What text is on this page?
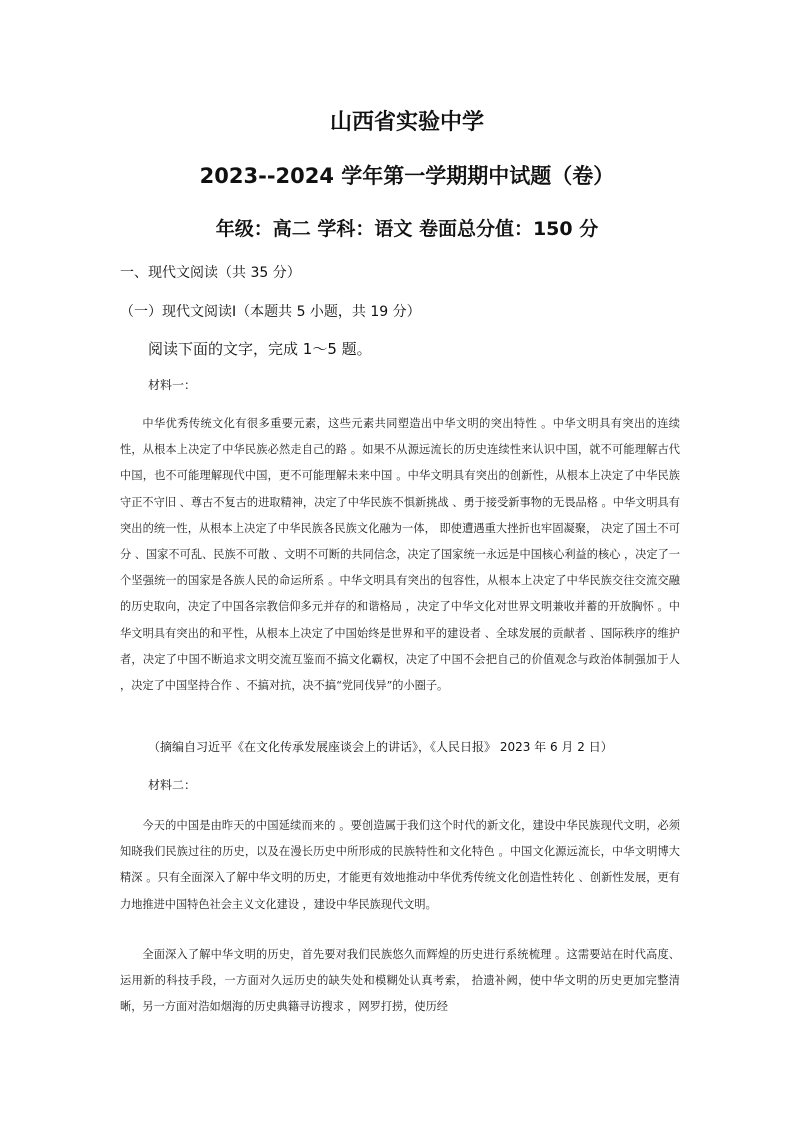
山西省实验中学
2023--2024 学年第一学期期中试题（卷）
年级：高二 学科：语文 卷面总分值：150 分
一、现代文阅读（共 35 分）
（一）现代文阅读Ⅰ（本题共 5 小题，共 19 分）
阅读下面的文字，完成 1～5 题。
材料一：

中华优秀传统文化有很多重要元素，这些元素共同塑造出中华文明的突出特性 。中华文明具有突出的连续性，从根本上决定了中华民族必然走自己的路 。如果不从源远流长的历史连续性来认识中国，就不可能理解古代中国，也不可能理解现代中国，更不可能理解未来中国 。中华文明具有突出的创新性，从根本上决定了中华民族守正不守旧 、尊古不复古的进取精神，决定了中华民族不惧新挑战 、勇于接受新事物的无畏品格 。中华文明具有突出的统一性，从根本上决定了中华民族各民族文化融为一体， 即使遭遇重大挫折也牢固凝聚， 决定了国土不可分 、国家不可乱、民族不可散 、文明不可断的共同信念，决定了国家统一永远是中国核心利益的核心 ，决定了一个坚强统一的国家是各族人民的命运所系 。中华文明具有突出的包容性，从根本上决定了中华民族交往交流交融的历史取向，决定了中国各宗教信仰多元并存的和谐格局 ，决定了中华文化对世界文明兼收并蓄的开放胸怀 。中华文明具有突出的和平性，从根本上决定了中国始终是世界和平的建设者 、全球发展的贡献者 、国际秩序的维护者，决定了中国不断追求文明交流互鉴而不搞文化霸权，决定了中国不会把自己的价值观念与政治体制强加于人 ，决定了中国坚持合作 、不搞对抗，决不搞“党同伐异”的小圈子。

（摘编自习近平《在文化传承发展座谈会上的讲话》，《人民日报》 2023 年 6 月 2 日）
材料二：

今天的中国是由昨天的中国延续而来的 。要创造属于我们这个时代的新文化，建设中华民族现代文明，必须知晓我们民族过往的历史，以及在漫长历史中所形成的民族特性和文化特色 。中国文化源远流长，中华文明博大精深 。只有全面深入了解中华文明的历史，才能更有效地推动中华优秀传统文化创造性转化 、创新性发展，更有力地推进中国特色社会主义文化建设 ，建设中华民族现代文明。

全面深入了解中华文明的历史，首先要对我们民族悠久而辉煌的历史进行系统梳理 。这需要站在时代高度、运用新的科技手段，一方面对久远历史的缺失处和模糊处认真考索， 拾遗补阙，使中华文明的历史更加完整清晰，另一方面对浩如烟海的历史典籍寻访搜求 ，网罗打捞，使历经
